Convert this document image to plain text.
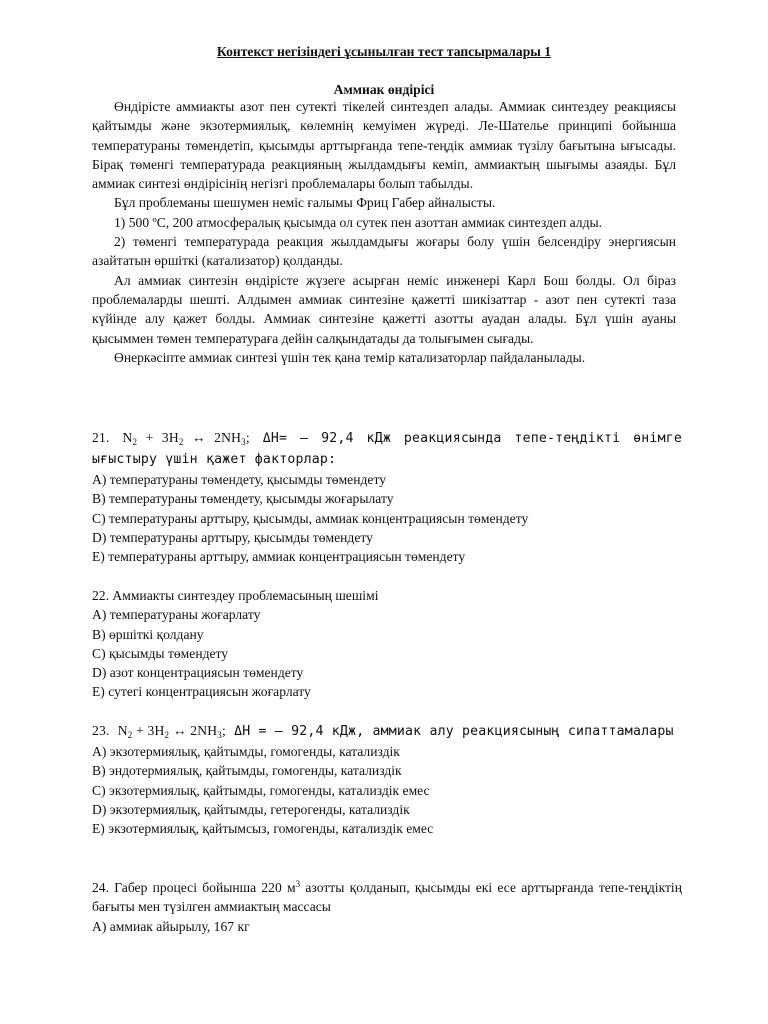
Контекст негізіндегі ұсынылған тест тапсырмалары 1
Аммиак өндірісі

Өндірісте аммиакты азот пен сутекті тікелей синтездеп алады. Аммиак синтездеу реакциясы қайтымды және экзотермиялық, көлемнің кемуімен жүреді. Ле-Шателье принципі бойынша температураны төмендетіп, қысымды арттырғанда тепе-теңдік аммиак түзілу бағытына ығысады. Бірақ төменгі температурада реакцияның жылдамдығы кеміп, аммиактың шығымы азаяды. Бұл аммиак синтезі өндірісінің негізгі проблемалары болып табылды.

Бұл проблеманы шешумен неміс ғалымы Фриц Габер айналысты.

1) 500 ºС, 200 атмосфералық қысымда ол сутек пен азоттан аммиак синтездеп алды.

2) төменгі температурада реакция жылдамдығы жоғары болу үшін белсендіру энергиясын азайтатын өршіткі (катализатор) қолданды.

Ал аммиак синтезін өндірісте жүзеге асырған неміс инженері Карл Бош болды. Ол біраз проблемаларды шешті. Алдымен аммиак синтезіне қажетті шикізаттар - азот пен сутекті таза күйінде алу қажет болды. Аммиак синтезіне қажетті азотты ауадан алады. Бұл үшін ауаны қысыммен төмен температураға дейін салқындатады да толығымен сығады.

Өнеркәсіпте аммиак синтезі үшін тек қана темір катализаторлар пайдаланылады.

21. $N_2 + 3H_2$ ↔ $2NH_3$; ΔH= – 92,4 кДж реакциясында тепе-теңдікті өнімге ығыстыру үшін қажет факторлар:

А) температураны төмендету, қысымды төмендету

В) температураны төмендету, қысымды жоғарылату

С) температураны арттыру, қысымды, аммиак концентрациясын төмендету

D) температураны арттыру, қысымды төмендету

Е) температураны арттыру, аммиак концентрациясын төмендету

22. Аммиакты синтездеу проблемасының шешімі

А) температураны жоғарлату

В) өршіткі қолдану

С) қысымды төмендету

D) азот концентрациясын төмендету

Е) сутегі концентрациясын жоғарлату

23. $N_2 + 3H_2$ ↔ $2NH_3$; ΔH = – 92,4 кДж, аммиак алу реакциясының сипаттамалары

А) экзотермиялық, қайтымды, гомогенды, катализдік

В) эндотермиялық, қайтымды, гомогенды, катализдік

С) экзотермиялық, қайтымды, гомогенды, катализдік емес

D) экзотермиялық, қайтымды, гетерогенды, катализдік

Е) экзотермиялық, қайтымсыз, гомогенды, катализдік емес

24. Габер процесі бойынша 220 $м^3$ азотты қолданып, қысымды екі есе арттырғанда тепе-теңдіктің бағыты мен түзілген аммиактың массасы

А) аммиак айырылу, 167 кг
